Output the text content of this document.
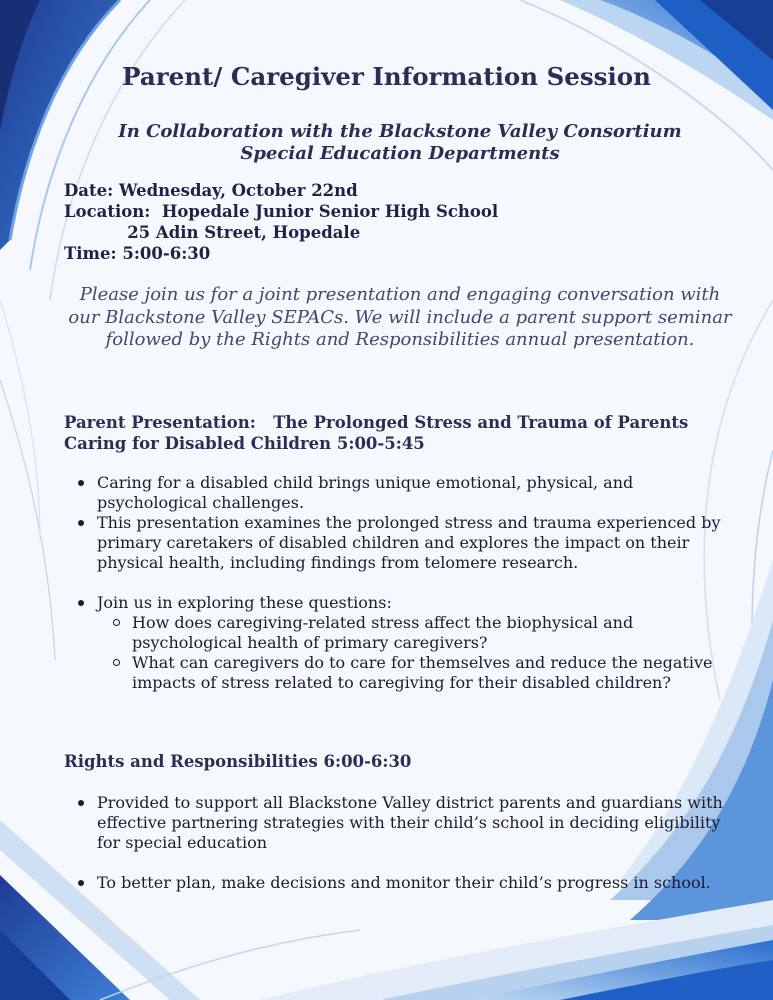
Parent/ Caregiver Information Session
In Collaboration with the Blackstone Valley Consortium Special Education Departments
Date: Wednesday, October 22nd
Location:  Hopedale Junior Senior High School
25 Adin Street, Hopedale
Time: 5:00-6:30
Please join us for a joint presentation and engaging conversation with our Blackstone Valley SEPACs. We will include a parent support seminar followed by the Rights and Responsibilities annual presentation.
Parent Presentation:   The Prolonged Stress and Trauma of Parents Caring for Disabled Children 5:00-5:45
Caring for a disabled child brings unique emotional, physical, and psychological challenges.
This presentation examines the prolonged stress and trauma experienced by primary caretakers of disabled children and explores the impact on their physical health, including findings from telomere research.
Join us in exploring these questions:
How does caregiving-related stress affect the biophysical and psychological health of primary caregivers?
What can caregivers do to care for themselves and reduce the negative impacts of stress related to caregiving for their disabled children?
Rights and Responsibilities 6:00-6:30
Provided to support all Blackstone Valley district parents and guardians with effective partnering strategies with their child’s school in deciding eligibility for special education
To better plan, make decisions and monitor their child’s progress in school.
